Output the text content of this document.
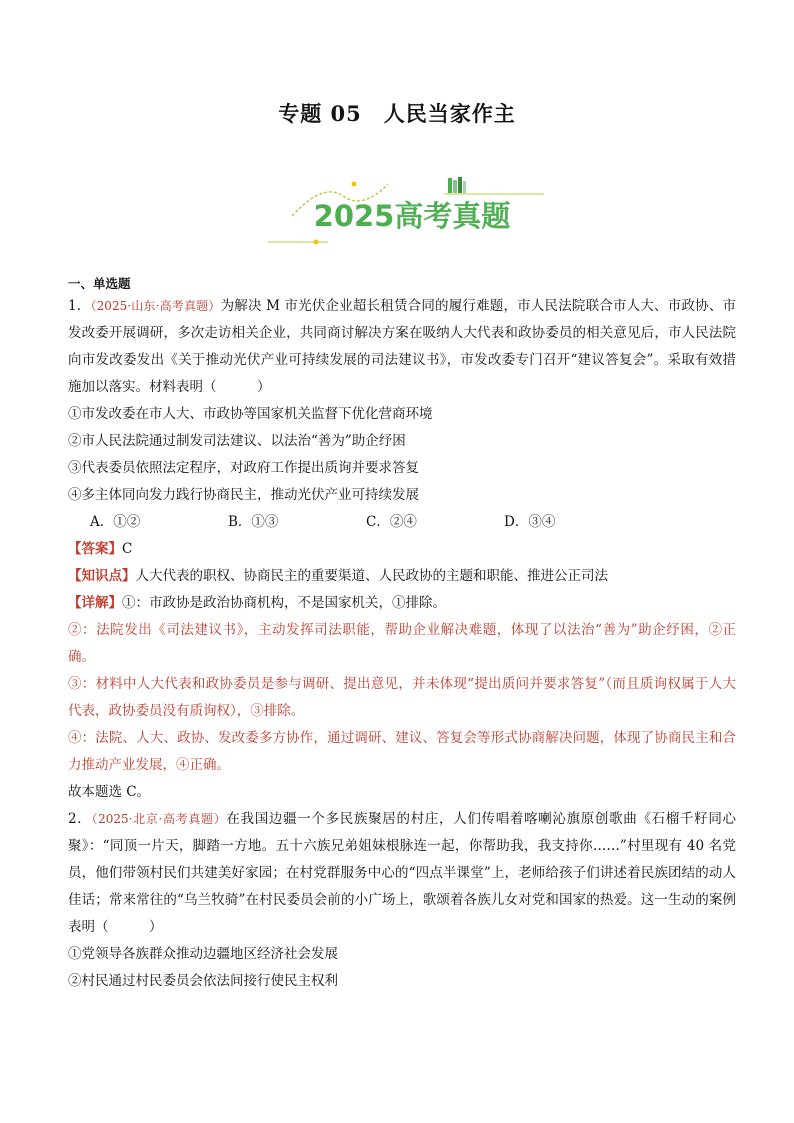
专题 05　人民当家作主
2025高考真题
一、单选题
1．（2025·山东·高考真题）为解决 M 市光伏企业超长租赁合同的履行难题，市人民法院联合市人大、市政协、市发改委开展调研，多次走访相关企业，共同商讨解决方案在吸纳人大代表和政协委员的相关意见后，市人民法院向市发改委发出《关于推动光伏产业可持续发展的司法建议书》，市发改委专门召开“建议答复会”。采取有效措施加以落实。材料表明（　　　）
①市发改委在市人大、市政协等国家机关监督下优化营商环境
②市人民法院通过制发司法建议、以法治“善为”助企纾困
③代表委员依照法定程序，对政府工作提出质询并要求答复
④多主体同向发力践行协商民主，推动光伏产业可持续发展
A．①②	B．①③	C．②④	D．③④
【答案】C
【知识点】人大代表的职权、协商民主的重要渠道、人民政协的主题和职能、推进公正司法
【详解】①：市政协是政治协商机构，不是国家机关，①排除。
②：法院发出《司法建议书》，主动发挥司法职能，帮助企业解决难题，体现了以法治“善为”助企纾困，②正确。
③：材料中人大代表和政协委员是参与调研、提出意见，并未体现“提出质问并要求答复”（而且质询权属于人大代表，政协委员没有质询权），③排除。
④：法院、人大、政协、发改委多方协作，通过调研、建议、答复会等形式协商解决问题，体现了协商民主和合力推动产业发展，④正确。
故本题选 C。
2．（2025·北京·高考真题）在我国边疆一个多民族聚居的村庄，人们传唱着喀喇沁旗原创歌曲《石榴千籽同心聚》：“同顶一片天，脚踏一方地。五十六族兄弟姐妹根脉连一起，你帮助我，我支持你……”村里现有 40 名党员，他们带领村民们共建美好家园；在村党群服务中心的“四点半课堂”上，老师给孩子们讲述着民族团结的动人佳话；常来常往的“乌兰牧骑”在村民委员会前的小广场上，歌颂着各族儿女对党和国家的热爱。这一生动的案例表明（　　　）
①党领导各族群众推动边疆地区经济社会发展
②村民通过村民委员会依法间接行使民主权利
